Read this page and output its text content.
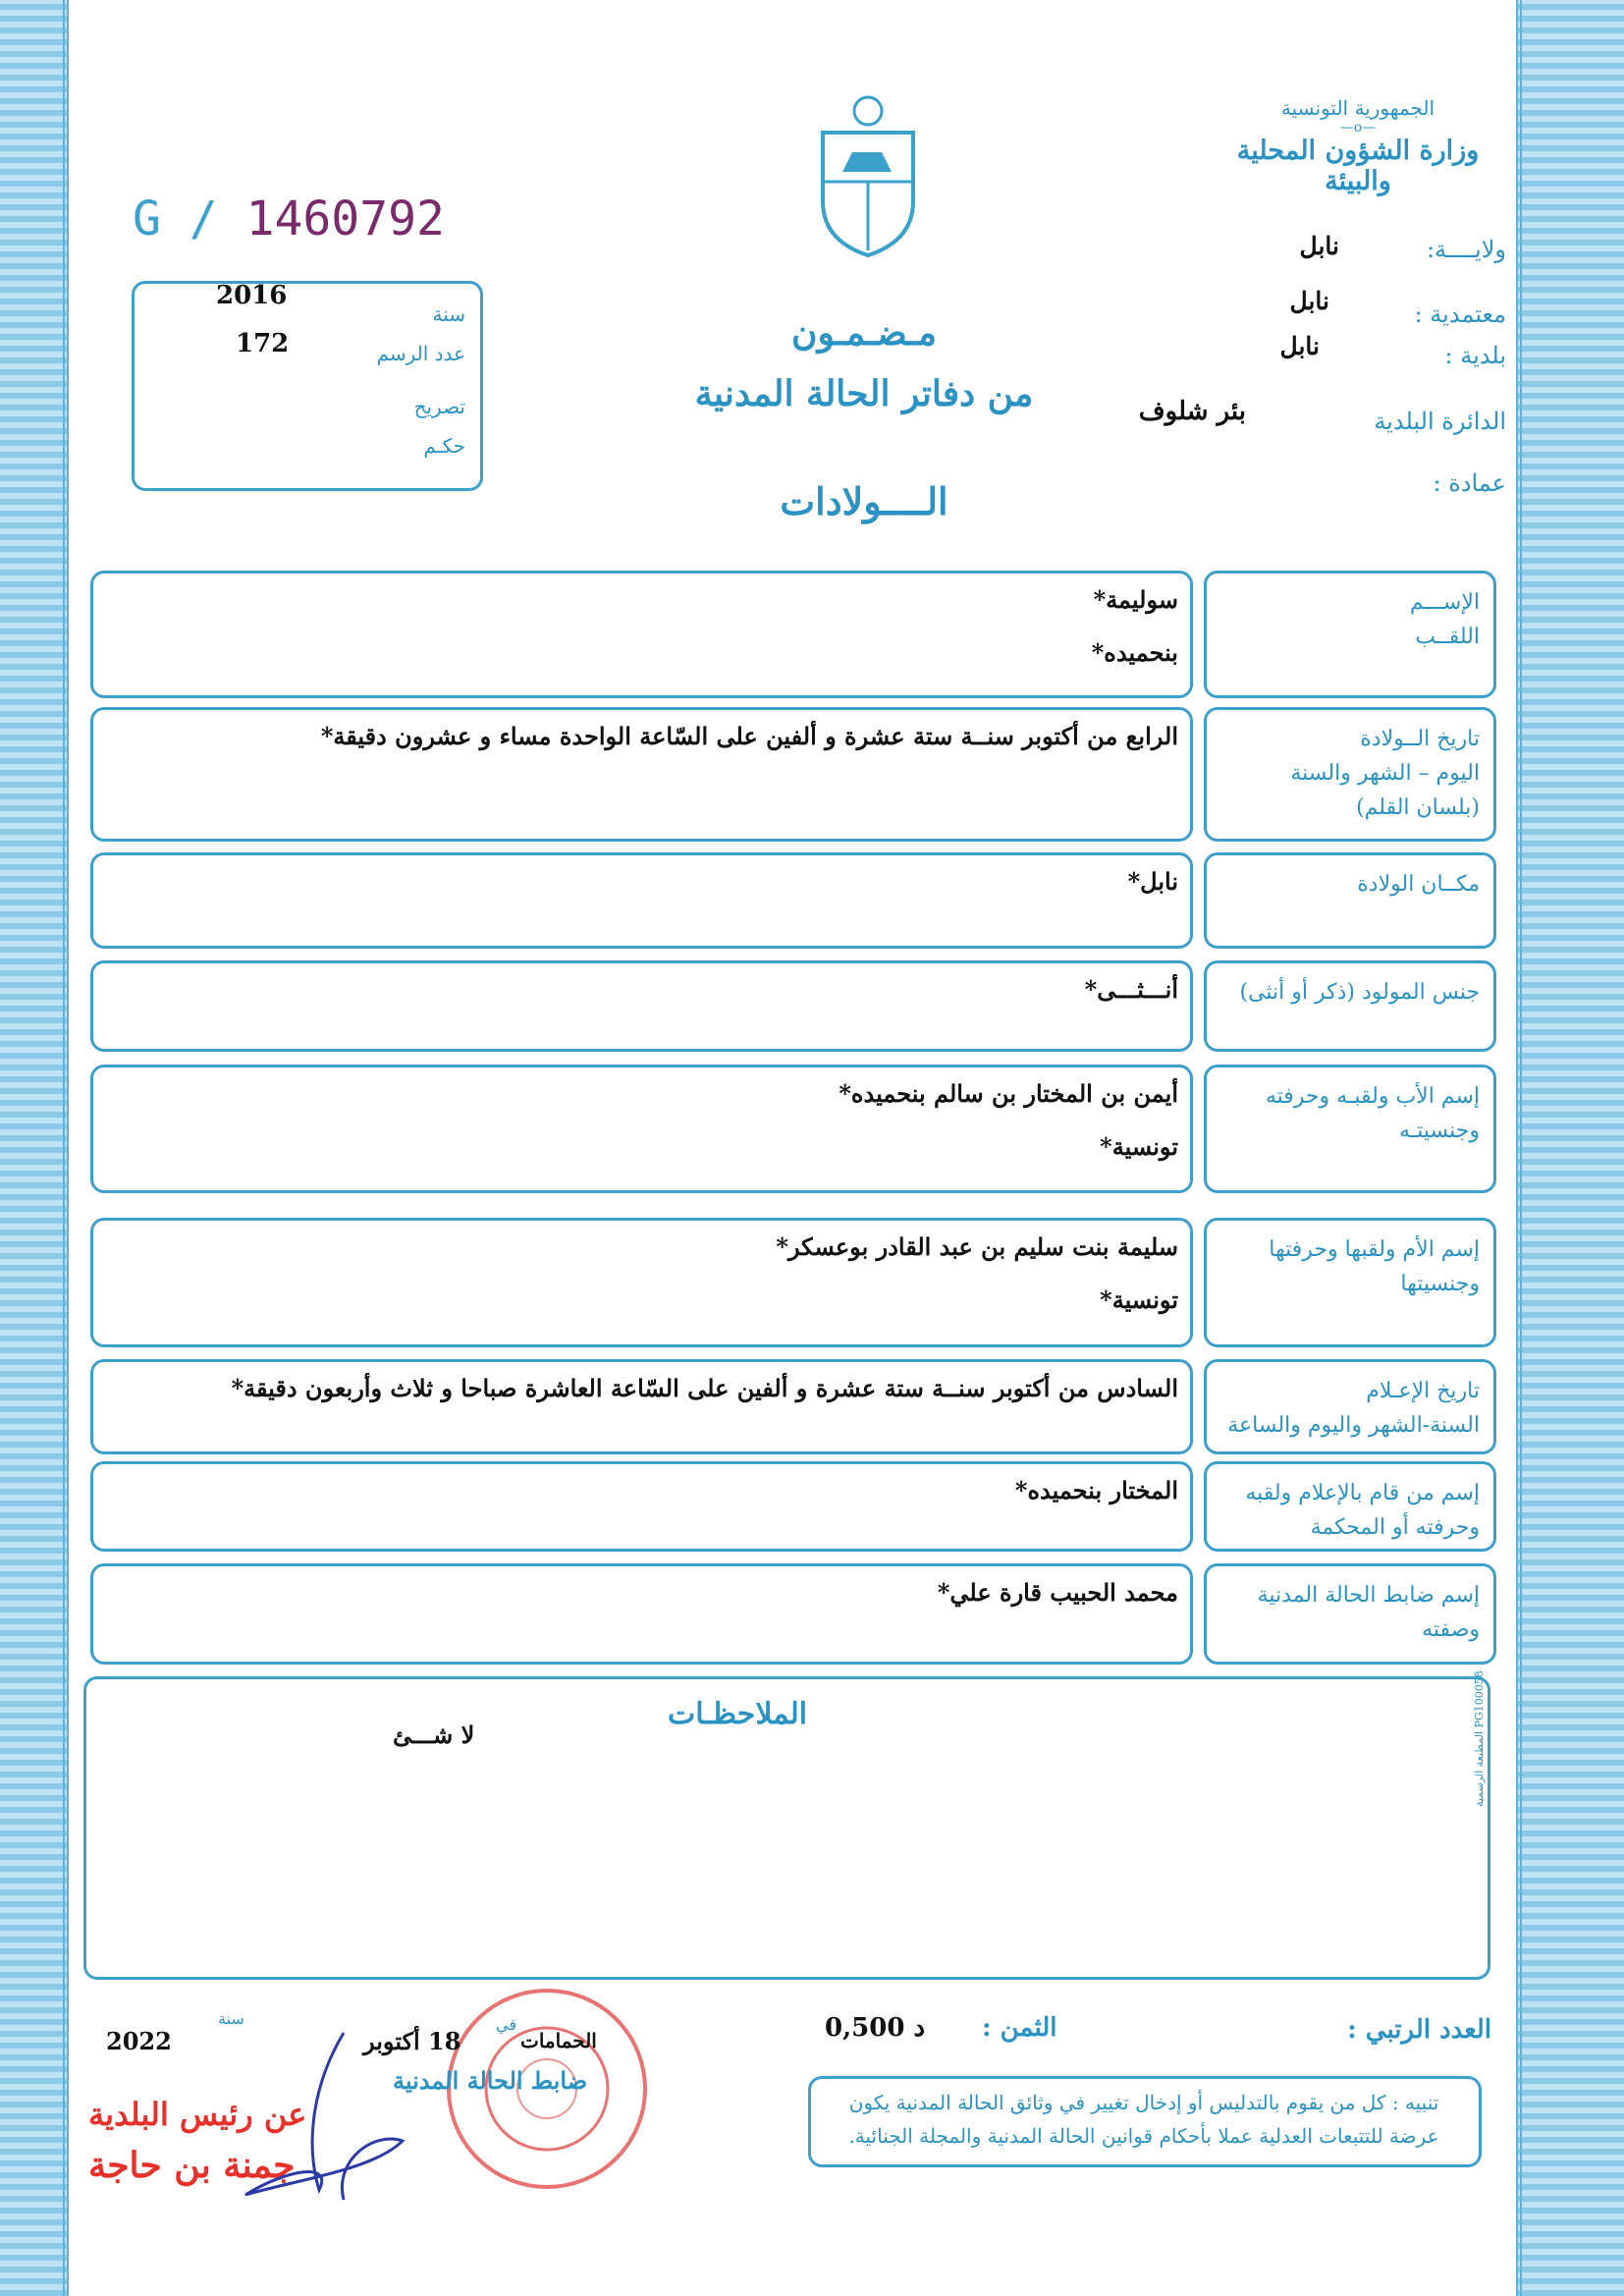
G / 1460792
2016
172
سنة
عدد الرسم
تصريح
حكـم
الجمهورية التونسية
—o—
وزارة الشؤون المحلية
والبيئة
ولايــــة:
نابل
معتمدية :
نابل
بلدية :
نابل
الدائرة البلدية
بئر شلوف
عمادة :
مـضـمـون
من دفاتر الحالة المدنية
الــــولادات
الإســـم
اللقــب
سوليمة*
بنحميده*
تاريخ الــولادة
اليوم – الشهر والسنة
(بلسان القلم)
الرابع من أكتوبر سنــة ستة عشرة و ألفين على السّاعة الواحدة مساء و عشرون دقيقة*
مكــان الولادة
نابل*
جنس المولود (ذكر أو أنثى)
أنـــثـــى*
إسم الأب ولقبـه وحرفته
وجنسيتـه
أيمن بن المختار بن سالم بنحميده*
تونسية*
إسم الأم ولقبها وحرفتها
وجنسيتها
سليمة بنت سليم بن عبد القادر بوعسكر*
تونسية*
تاريخ الإعـلام
السنة-الشهر واليوم والساعة
السادس من أكتوبر سنــة ستة عشرة و ألفين على السّاعة العاشرة صباحا و ثلاث وأربعون دقيقة*
إسم من قام بالإعلام ولقبه
وحرفته أو المحكمة
المختار بنحميده*
إسم ضابط الحالة المدنية
وصفته
محمد الحبيب قارة علي*
الملاحظـات
لا شـــئ	المطبعة الرسمية PG100058
العدد الرتبي :
الثمن :
0,500 د
تنبيه : كل من يقوم بالتدليس أو إدخال تغيير في وثائق الحالة المدنية يكون عرضة للتتبعات العدلية عملا بأحكام قوانين الحالة المدنية والمجلة الجنائية.
الحمامات
في
18 أكتوبر
سنة
2022
ضابط الحالة المدنية
عن رئيس البلدية
جمنة بن حاجة
